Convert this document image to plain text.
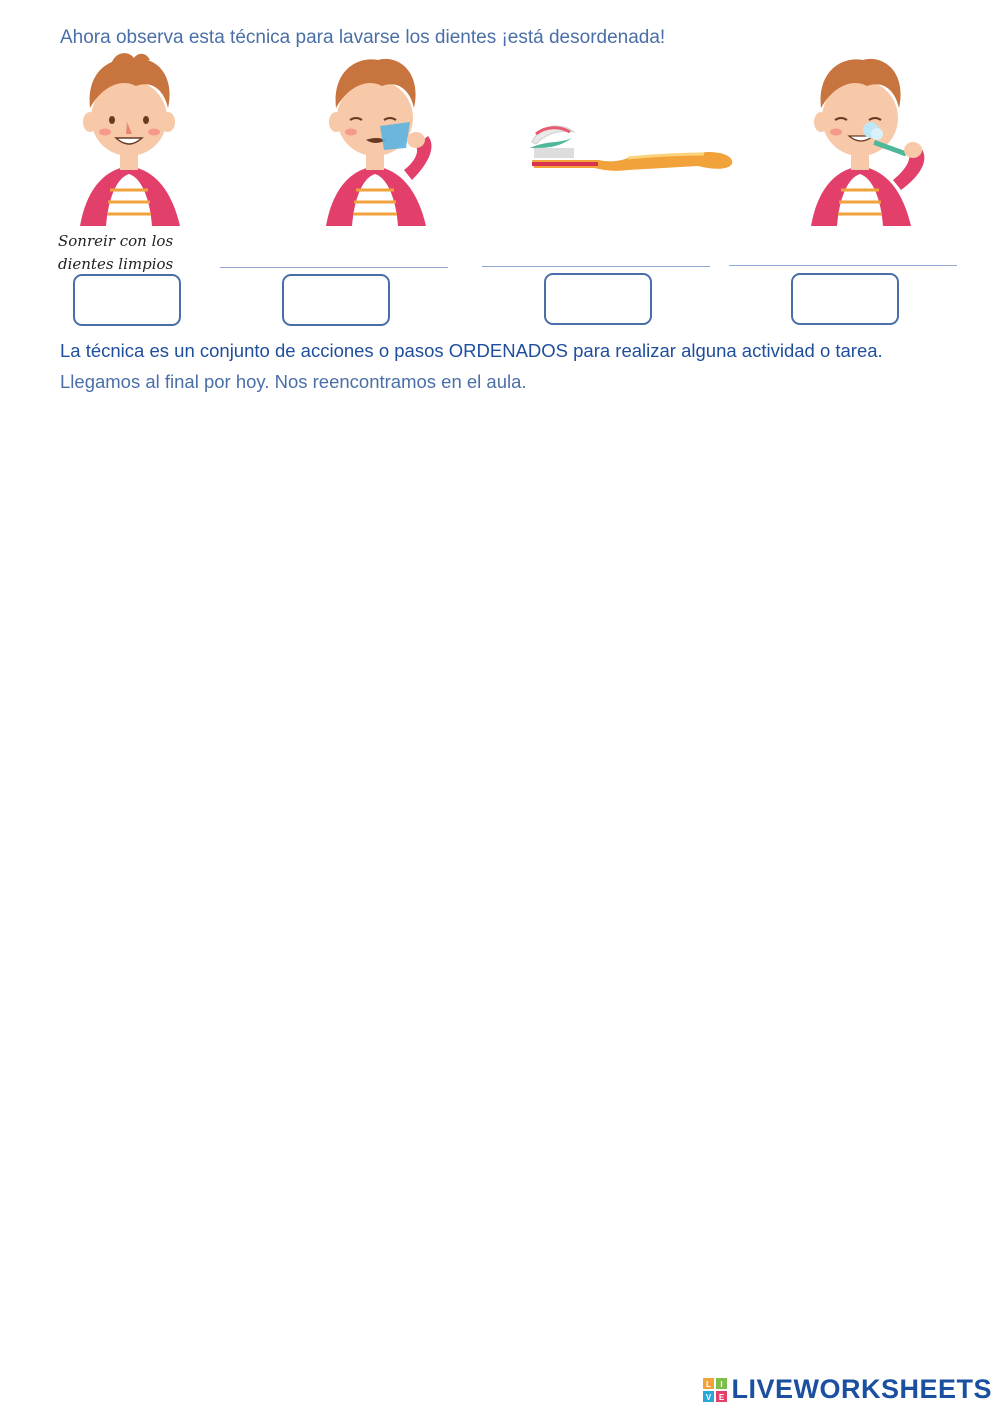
Ahora observa esta técnica para lavarse los dientes ¡está desordenada!
Sonreir con los dientes limpios
La técnica es un conjunto de acciones o pasos ORDENADOS para realizar alguna actividad o tarea.
Llegamos al final por hoy. Nos reencontramos en el aula.
L I
V E LIVEWORKSHEETS
